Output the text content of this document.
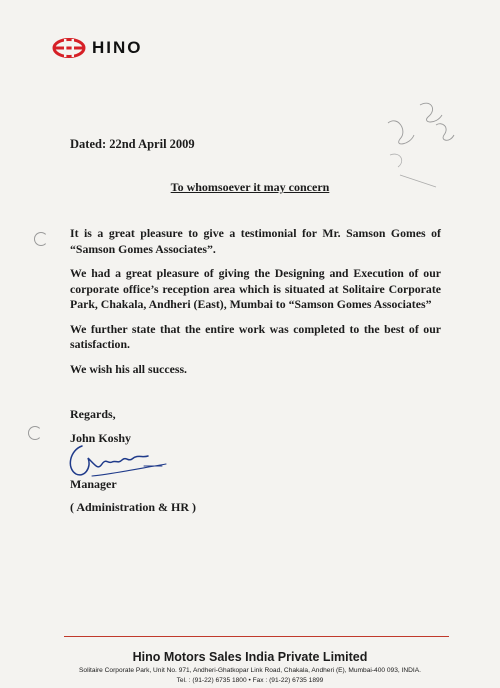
HINO
Dated: 22nd April 2009
To whomsoever it may concern

It is a great pleasure to give a testimonial for Mr. Samson Gomes of “Samson Gomes Associates”.

We had a great pleasure of giving the Designing and Execution of our corporate office’s reception area which is situated at Solitaire Corporate Park, Chakala, Andheri (East), Mumbai to “Samson Gomes Associates”

We further state that the entire work was completed to the best of our satisfaction.

We wish his all success.

Regards,
John Koshy
Manager
( Administration & HR )
Hino Motors Sales India Private Limited
Solitaire Corporate Park, Unit No. 971, Andheri-Ghatkopar Link Road, Chakala, Andheri (E), Mumbai-400 093, INDIA.
Tel. : (91-22) 6735 1800 • Fax : (91-22) 6735 1899
